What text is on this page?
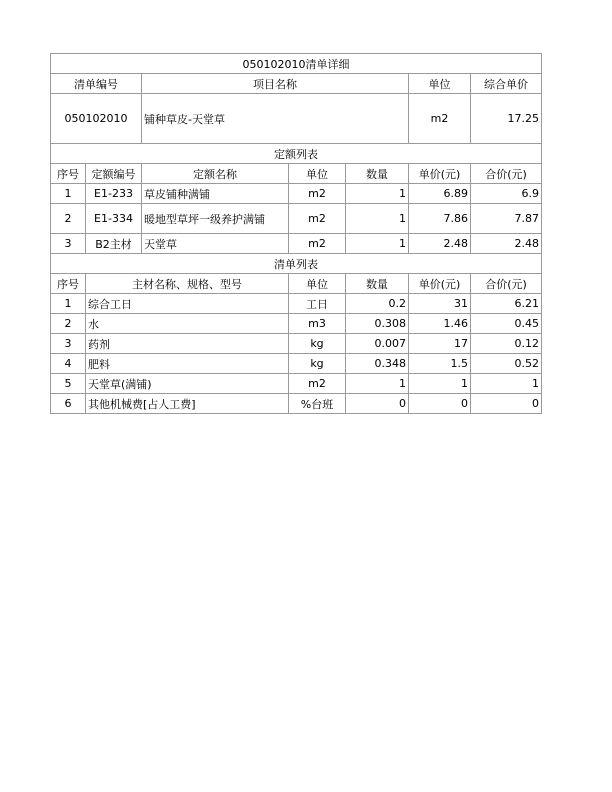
050102010清单详细						
清单编号		项目名称			单位	综合单价
050102010		铺种草皮-天堂草			m2	17.25
定额列表						
序号	定额编号	定额名称	单位	数量	单价(元)	合价(元)
1	E1-233	草皮铺种满铺	m2	1	6.89	6.9
2	E1-334	暖地型草坪一级养护满铺	m2	1	7.86	7.87
3	B2主材	天堂草	m2	1	2.48	2.48
清单列表						
序号	主材名称、规格、型号		单位	数量	单价(元)	合价(元)
1	综合工日		工日	0.2	31	6.21
2	水		m3	0.308	1.46	0.45
3	药剂		kg	0.007	17	0.12
4	肥料		kg	0.348	1.5	0.52
5	天堂草(满铺)		m2	1	1	1
6	其他机械费[占人工费]		%台班	0	0	0
